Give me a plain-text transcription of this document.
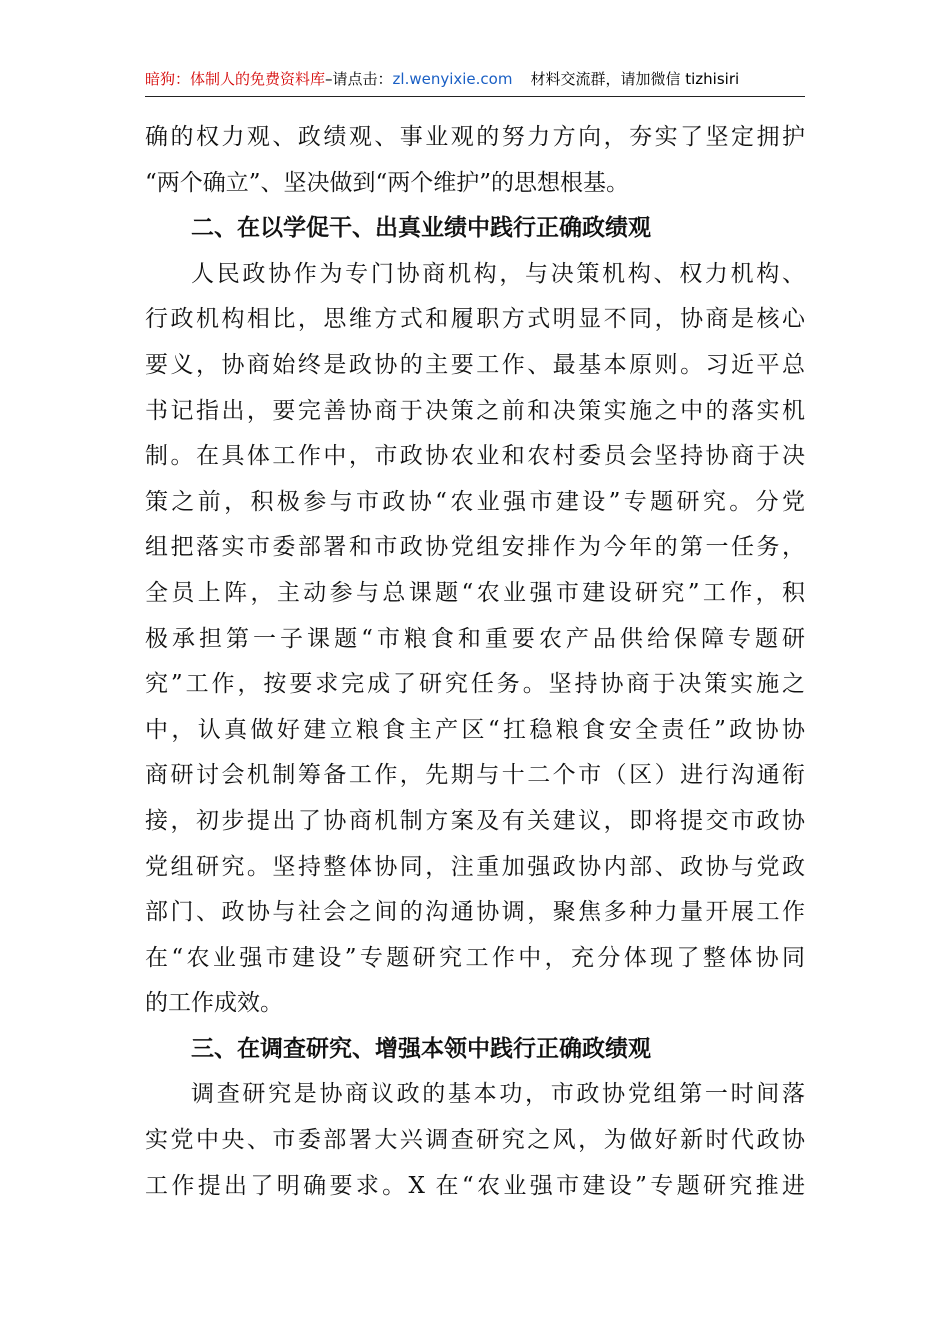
暗狗：体制人的免费资料库–请点击：zl.wenyixie.com 材料交流群，请加微信 tizhisiri
确的权力观、政绩观、事业观的努力方向，夯实了坚定拥护
“两个确立”、坚决做到“两个维护”的思想根基。
二、在以学促干、出真业绩中践行正确政绩观
人民政协作为专门协商机构，与决策机构、权力机构、
行政机构相比，思维方式和履职方式明显不同，协商是核心
要义，协商始终是政协的主要工作、最基本原则。习近平总
书记指出，要完善协商于决策之前和决策实施之中的落实机
制。在具体工作中，市政协农业和农村委员会坚持协商于决
策之前，积极参与市政协“农业强市建设”专题研究。分党
组把落实市委部署和市政协党组安排作为今年的第一任务，
全员上阵，主动参与总课题“农业强市建设研究”工作，积
极承担第一子课题“市粮食和重要农产品供给保障专题研
究”工作，按要求完成了研究任务。坚持协商于决策实施之
中，认真做好建立粮食主产区“扛稳粮食安全责任”政协协
商研讨会机制筹备工作，先期与十二个市（区）进行沟通衔
接，初步提出了协商机制方案及有关建议，即将提交市政协
党组研究。坚持整体协同，注重加强政协内部、政协与党政
部门、政协与社会之间的沟通协调，聚焦多种力量开展工作
在“农业强市建设”专题研究工作中，充分体现了整体协同
的工作成效。
三、在调查研究、增强本领中践行正确政绩观
调查研究是协商议政的基本功，市政协党组第一时间落
实党中央、市委部署大兴调查研究之风，为做好新时代政协
工作提出了明确要求。X 在“农业强市建设”专题研究推进
